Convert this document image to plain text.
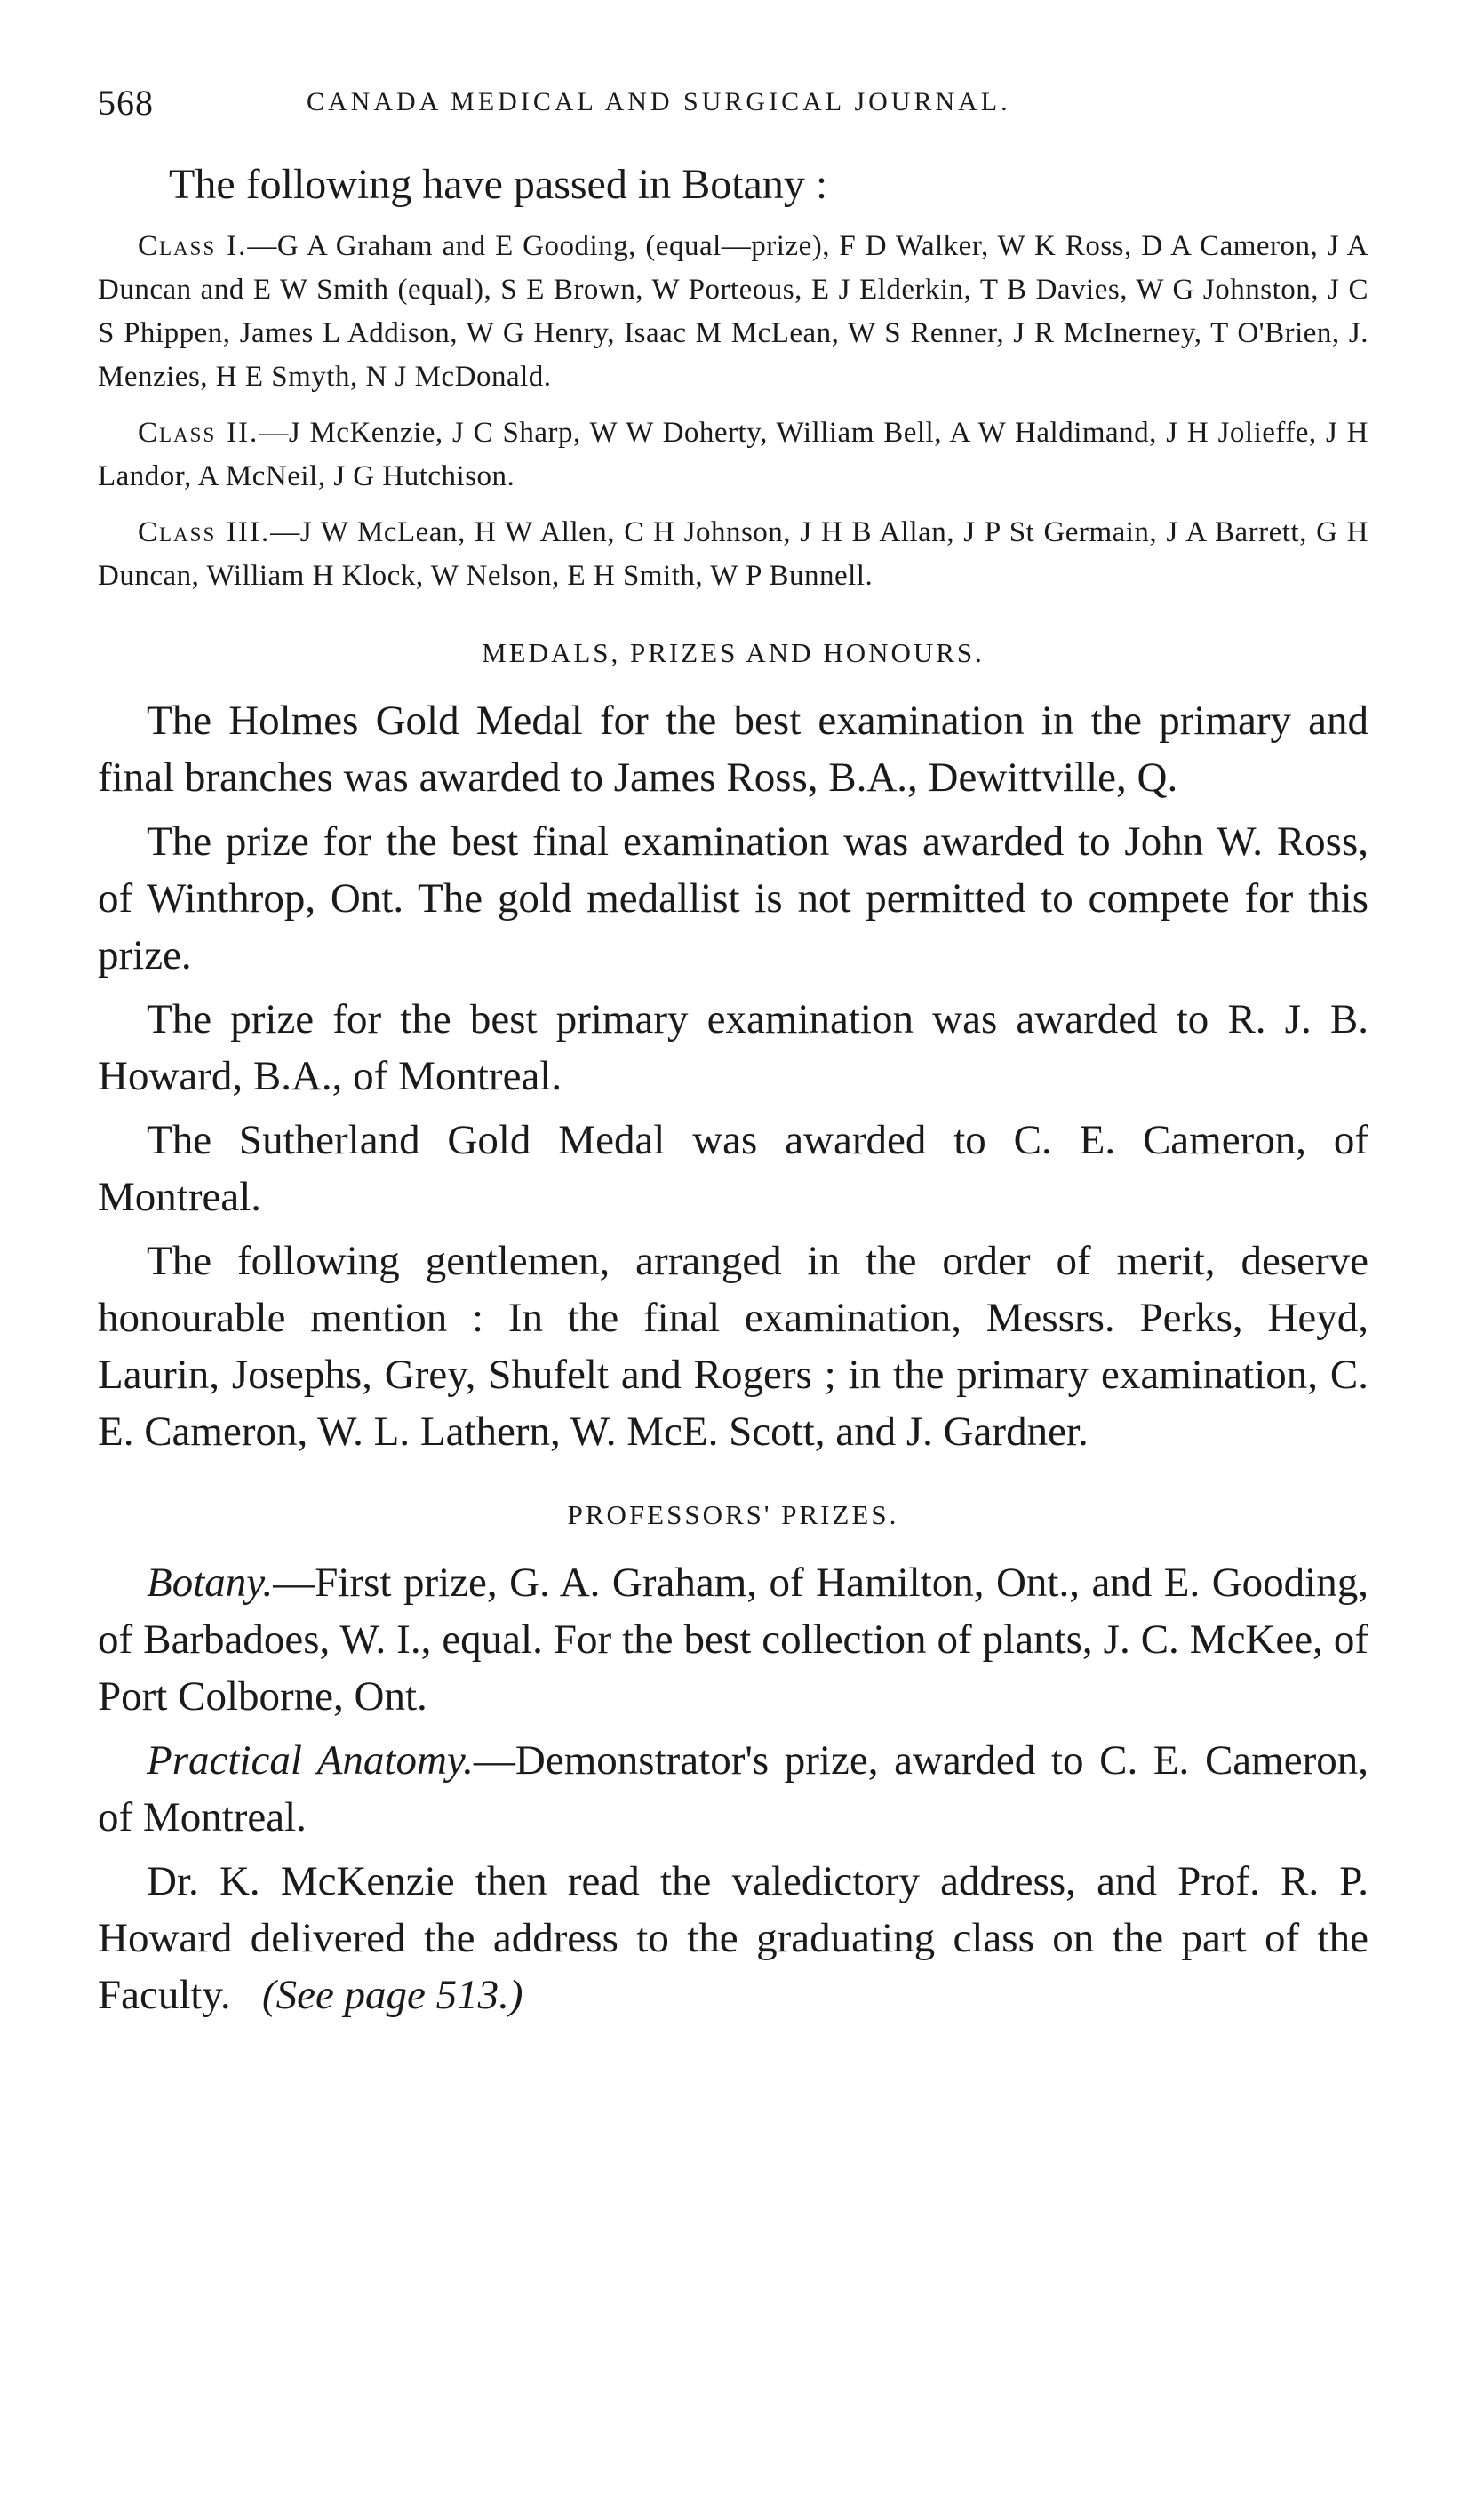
568	CANADA MEDICAL AND SURGICAL JOURNAL.
The following have passed in Botany :

Class I.—G A Graham and E Gooding, (equal—prize), F D Walker, W K Ross, D A Cameron, J A Duncan and E W Smith (equal), S E Brown, W Porteous, E J Elderkin, T B Davies, W G Johnston, J C S Phippen, James L Addison, W G Henry, Isaac M McLean, W S Renner, J R McInerney, T O'Brien, J. Menzies, H E Smyth, N J McDonald.

Class II.—J McKenzie, J C Sharp, W W Doherty, William Bell, A W Haldimand, J H Jolieffe, J H Landor, A McNeil, J G Hutchison.

Class III.—J W McLean, H W Allen, C H Johnson, J H B Allan, J P St Germain, J A Barrett, G H Duncan, William H Klock, W Nelson, E H Smith, W P Bunnell.

MEDALS, PRIZES AND HONOURS.

The Holmes Gold Medal for the best examination in the primary and final branches was awarded to James Ross, B.A., Dewittville, Q.

The prize for the best final examination was awarded to John W. Ross, of Winthrop, Ont. The gold medallist is not permitted to compete for this prize.

The prize for the best primary examination was awarded to R. J. B. Howard, B.A., of Montreal.

The Sutherland Gold Medal was awarded to C. E. Cameron, of Montreal.

The following gentlemen, arranged in the order of merit, deserve honourable mention : In the final examination, Messrs. Perks, Heyd, Laurin, Josephs, Grey, Shufelt and Rogers ; in the primary examination, C. E. Cameron, W. L. Lathern, W. McE. Scott, and J. Gardner.

PROFESSORS' PRIZES.

Botany.—First prize, G. A. Graham, of Hamilton, Ont., and E. Gooding, of Barbadoes, W. I., equal. For the best collection of plants, J. C. McKee, of Port Colborne, Ont.

Practical Anatomy.—Demonstrator's prize, awarded to C. E. Cameron, of Montreal.

Dr. K. McKenzie then read the valedictory address, and Prof. R. P. Howard delivered the address to the graduating class on the part of the Faculty. (See page 513.)
